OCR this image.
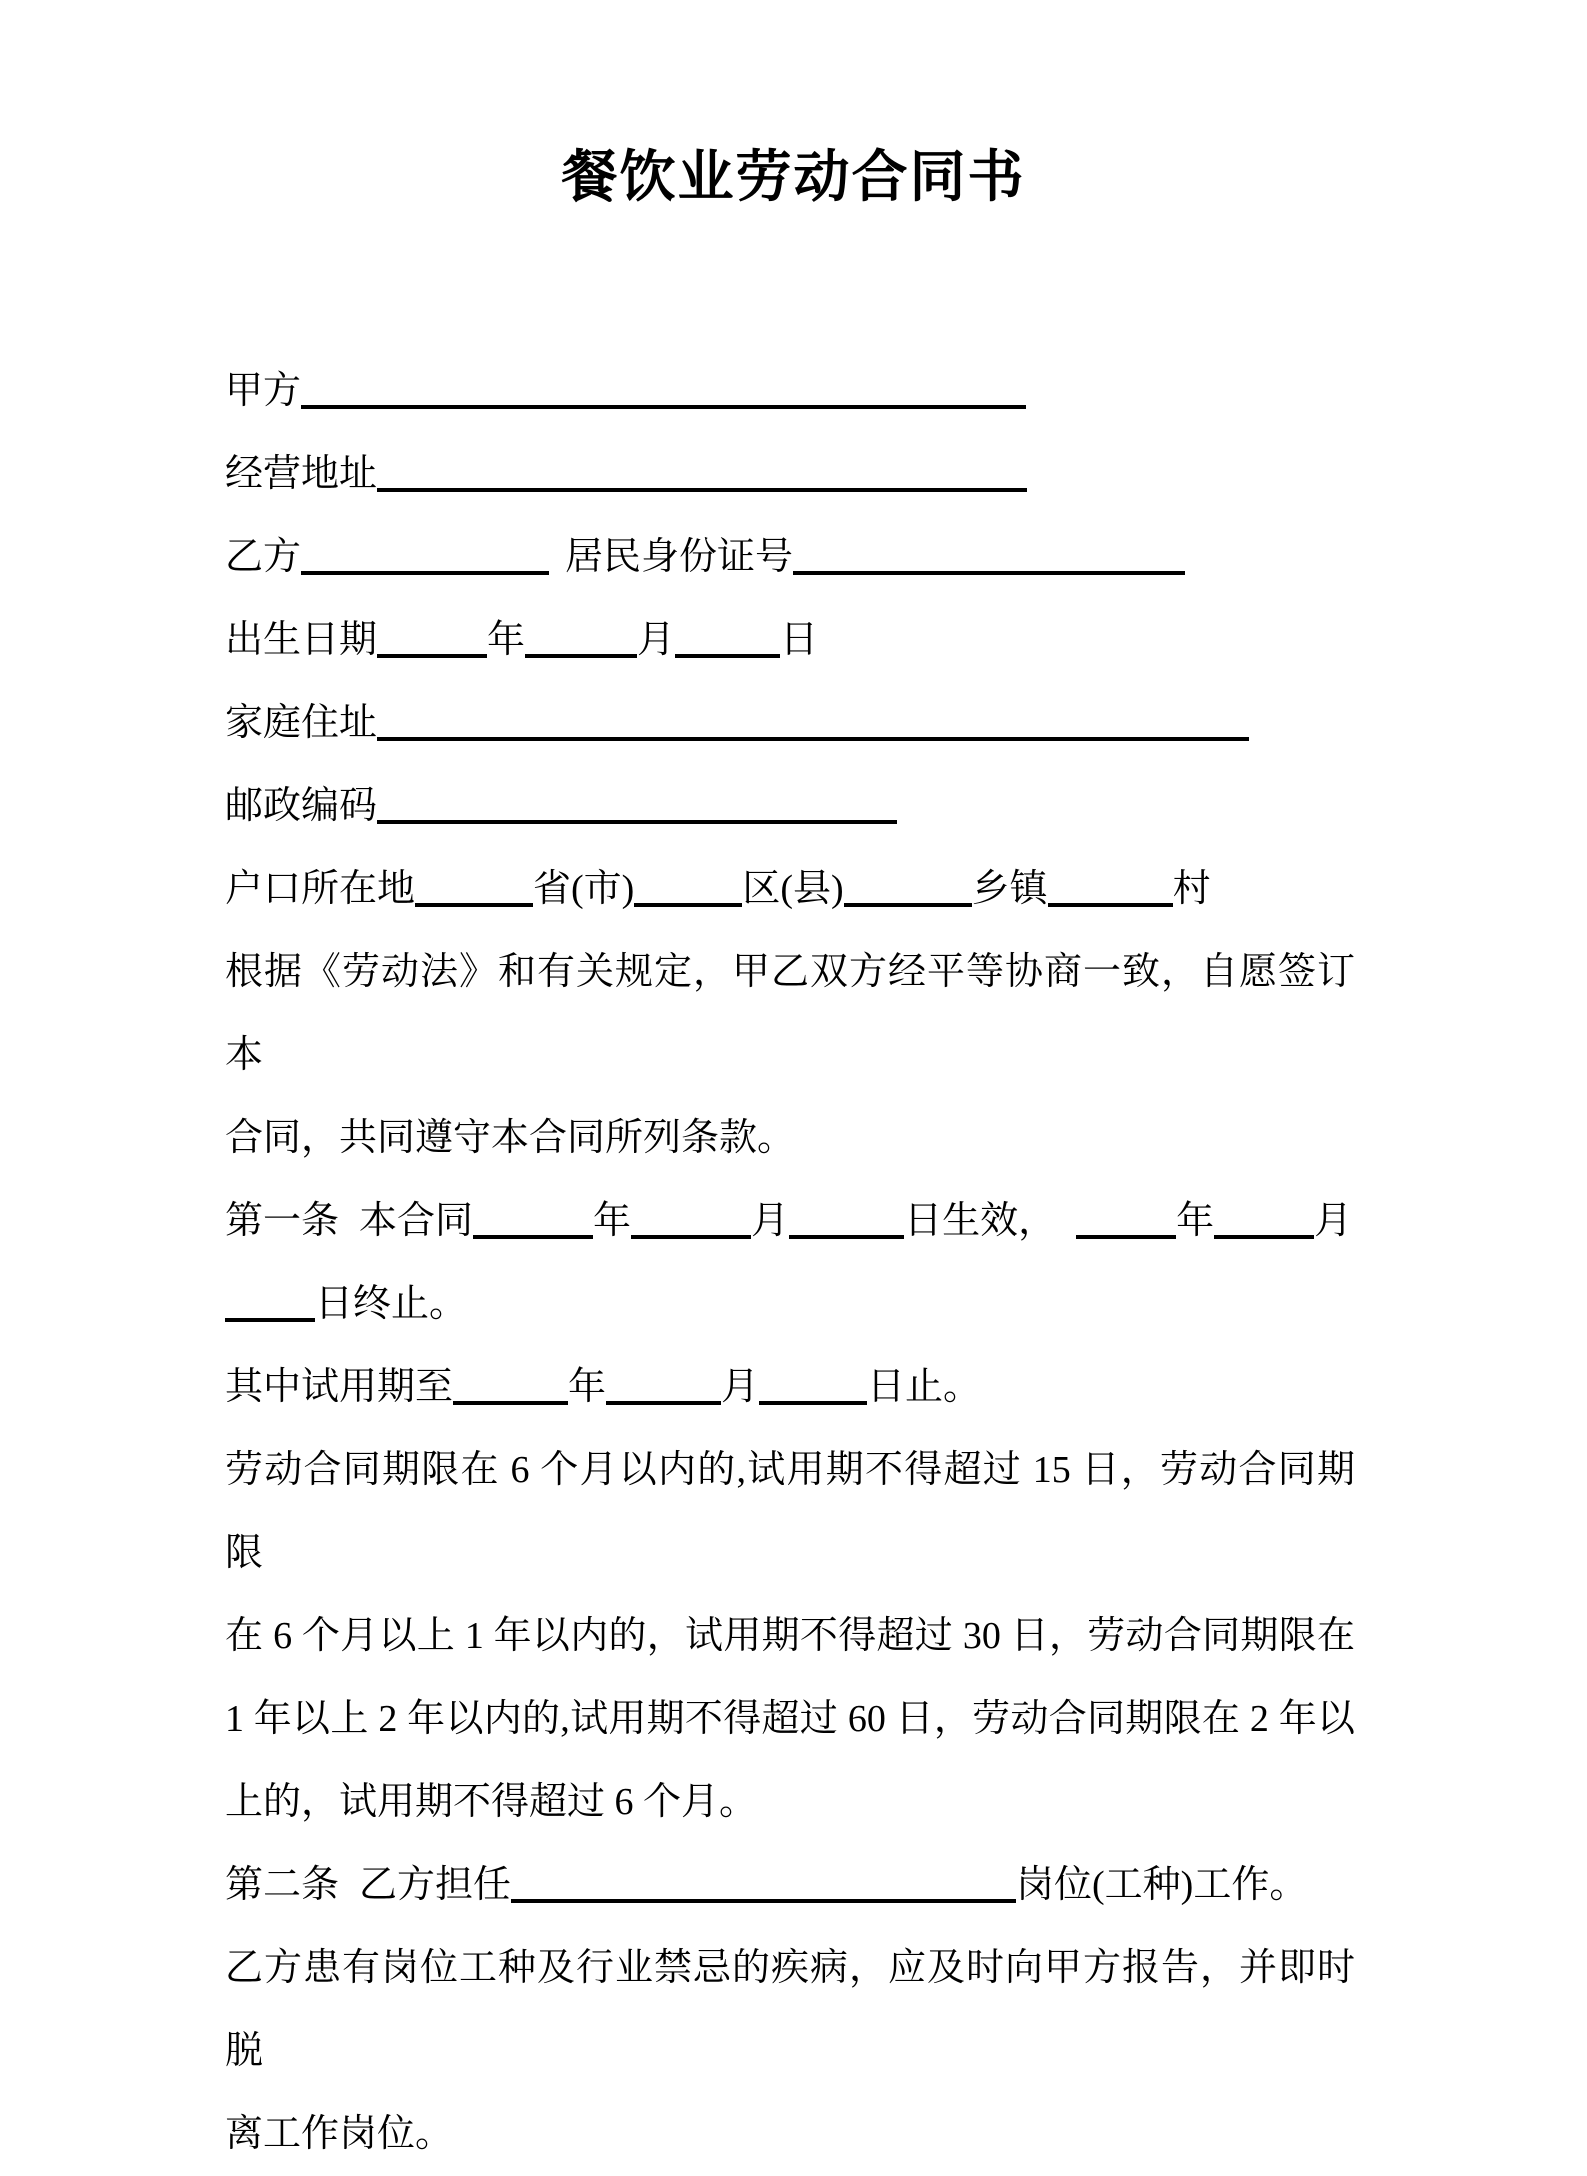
餐饮业劳动合同书
甲方
经营地址
乙方	居民身份证号
出生日期	年	月	日
家庭住址
邮政编码
户口所在地	省(市)	区(县)	乡镇	村
根据《劳动法》和有关规定，甲乙双方经平等协商一致，自愿签订本
合同，共同遵守本合同所列条款。
第一条 本合同	年	月	日生效，	年	月
日终止。
其中试用期至	年	月	日止。
劳动合同期限在 6 个月以内的,试用期不得超过 15 日，劳动合同期限
在 6 个月以上 1 年以内的，试用期不得超过 30 日，劳动合同期限在
1 年以上 2 年以内的,试用期不得超过 60 日，劳动合同期限在 2 年以
上的，试用期不得超过 6 个月。
第二条 乙方担任	岗位(工种)工作。
乙方患有岗位工种及行业禁忌的疾病，应及时向甲方报告，并即时脱
离工作岗位。
